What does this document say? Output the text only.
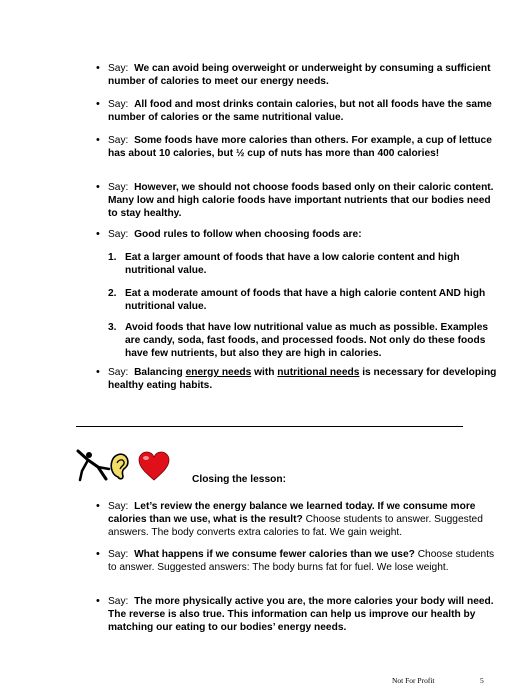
• Say: We can avoid being overweight or underweight by consuming a sufficient number of calories to meet our energy needs.
• Say: All food and most drinks contain calories, but not all foods have the same number of calories or the same nutritional value.
• Say: Some foods have more calories than others. For example, a cup of lettuce has about 10 calories, but ½ cup of nuts has more than 400 calories!
• Say: However, we should not choose foods based only on their caloric content. Many low and high calorie foods have important nutrients that our bodies need to stay healthy.
• Say: Good rules to follow when choosing foods are:
1. Eat a larger amount of foods that have a low calorie content and high nutritional value.
2. Eat a moderate amount of foods that have a high calorie content AND high nutritional value.
3. Avoid foods that have low nutritional value as much as possible. Examples are candy, soda, fast foods, and processed foods. Not only do these foods have few nutrients, but also they are high in calories.
• Say: Balancing energy needs with nutritional needs is necessary for developing healthy eating habits.
Closing the lesson:
• Say: Let’s review the energy balance we learned today. If we consume more calories than we use, what is the result? Choose students to answer. Suggested answers. The body converts extra calories to fat. We gain weight.
• Say: What happens if we consume fewer calories than we use? Choose students to answer. Suggested answers: The body burns fat for fuel. We lose weight.
• Say: The more physically active you are, the more calories your body will need. The reverse is also true. This information can help us improve our health by matching our eating to our bodies’ energy needs.
Not For Profit	5
